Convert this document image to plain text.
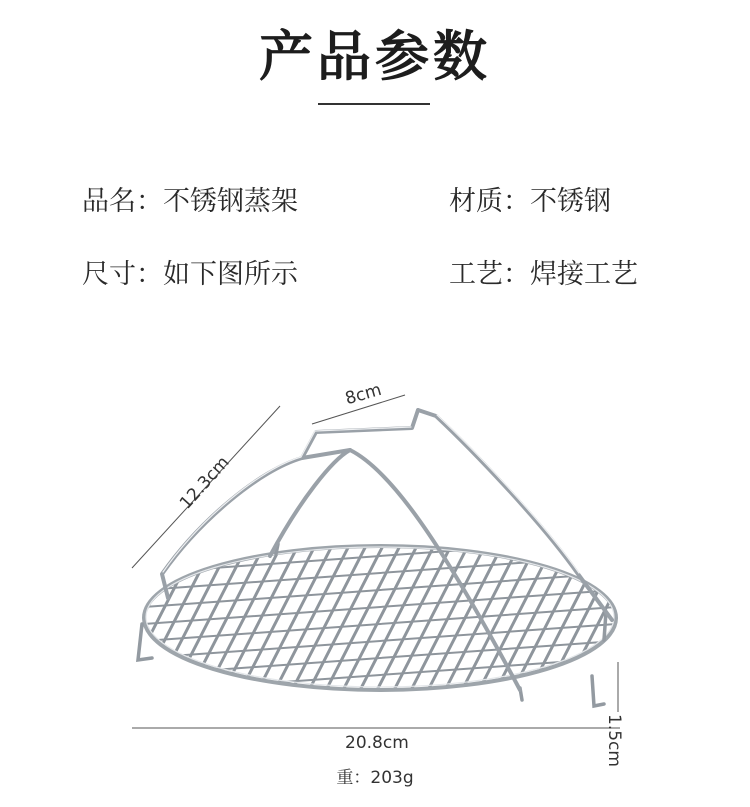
产品参数
品名：不锈钢蒸架	材质：不锈钢
尺寸：如下图所示	工艺：焊接工艺
8cm
12.3cm
20.8cm	1.5cm
重：203g
